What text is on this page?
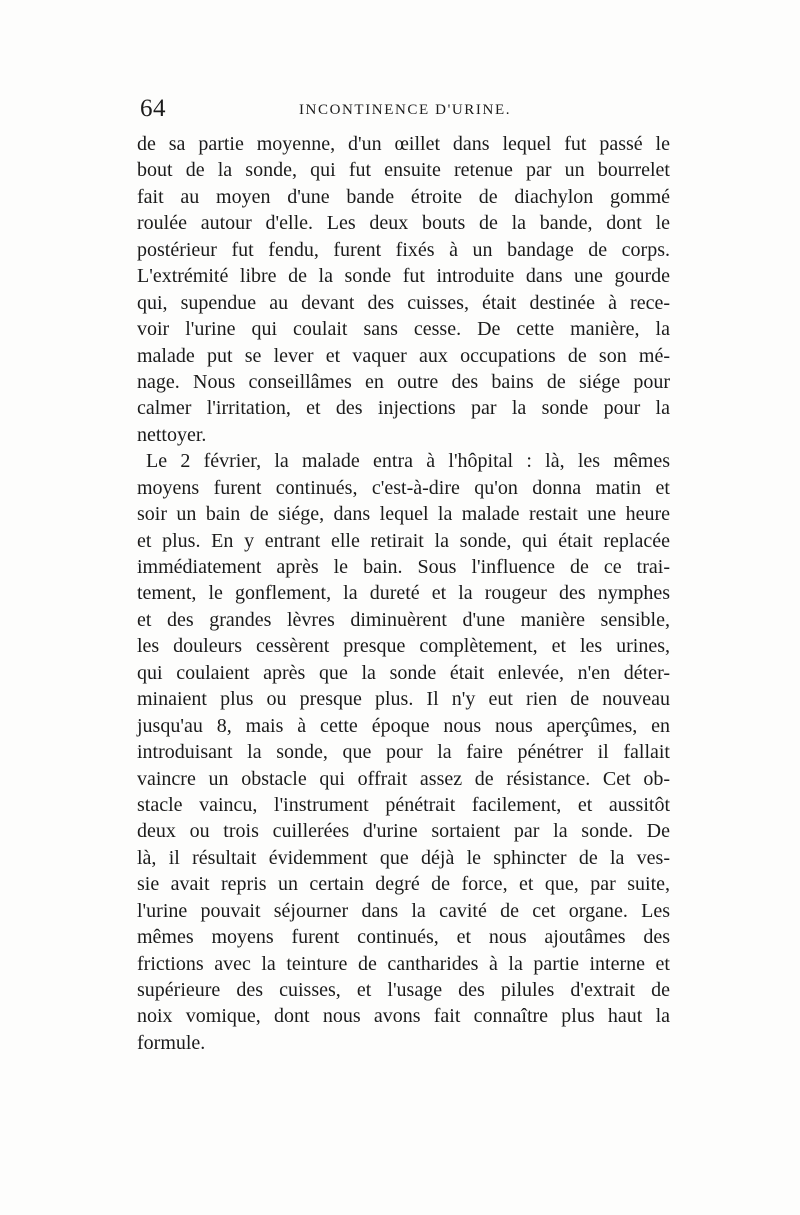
64	INCONTINENCE D'URINE.
de sa partie moyenne, d'un œillet dans lequel fut passé le
bout de la sonde, qui fut ensuite retenue par un bourrelet
fait au moyen d'une bande étroite de diachylon gommé
roulée autour d'elle. Les deux bouts de la bande, dont le
postérieur fut fendu, furent fixés à un bandage de corps.
L'extrémité libre de la sonde fut introduite dans une gourde
qui, supendue au devant des cuisses, était destinée à rece-
voir l'urine qui coulait sans cesse. De cette manière, la
malade put se lever et vaquer aux occupations de son mé-
nage. Nous conseillâmes en outre des bains de siége pour
calmer l'irritation, et des injections par la sonde pour la
nettoyer.
Le 2 février, la malade entra à l'hôpital : là, les mêmes
moyens furent continués, c'est-à-dire qu'on donna matin et
soir un bain de siége, dans lequel la malade restait une heure
et plus. En y entrant elle retirait la sonde, qui était replacée
immédiatement après le bain. Sous l'influence de ce trai-
tement, le gonflement, la dureté et la rougeur des nymphes
et des grandes lèvres diminuèrent d'une manière sensible,
les douleurs cessèrent presque complètement, et les urines,
qui coulaient après que la sonde était enlevée, n'en déter-
minaient plus ou presque plus. Il n'y eut rien de nouveau
jusqu'au 8, mais à cette époque nous nous aperçûmes, en
introduisant la sonde, que pour la faire pénétrer il fallait
vaincre un obstacle qui offrait assez de résistance. Cet ob-
stacle vaincu, l'instrument pénétrait facilement, et aussitôt
deux ou trois cuillerées d'urine sortaient par la sonde. De
là, il résultait évidemment que déjà le sphincter de la ves-
sie avait repris un certain degré de force, et que, par suite,
l'urine pouvait séjourner dans la cavité de cet organe. Les
mêmes moyens furent continués, et nous ajoutâmes des
frictions avec la teinture de cantharides à la partie interne et
supérieure des cuisses, et l'usage des pilules d'extrait de
noix vomique, dont nous avons fait connaître plus haut la
formule.
